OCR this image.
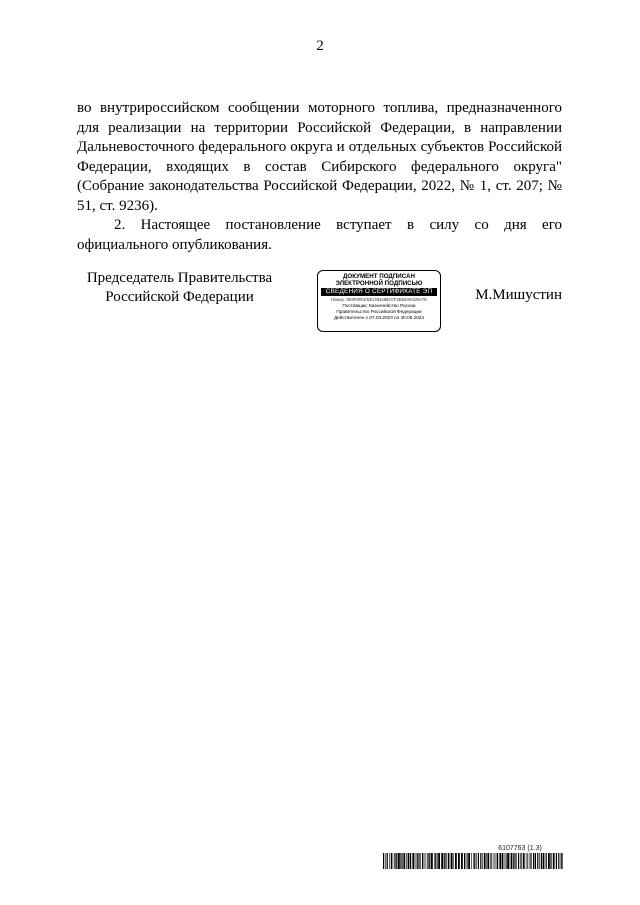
2

во внутрироссийском сообщении моторного топлива, предназначенного для реализации на территории Российской Федерации, в направлении Дальневосточного федерального округа и отдельных субъектов Российской Федерации, входящих в состав Сибирского федерального округа" (Собрание законодательства Российской Федерации, 2022, № 1, ст. 207; № 51, ст. 9236).

2. Настоящее постановление вступает в силу со дня его официального опубликования.

Председатель Правительства
Российской Федерации
ДОКУМЕНТ ПОДПИСАН
ЭЛЕКТРОННОЙ ПОДПИСЬЮ
СВЕДЕНИЯ О СЕРТИФИКАТЕ ЭП
Номер: 3E9F99CE53C484286C0F3EB4AE330A7E
Поставщик: Казначейство России
Правительство Российской Федерации
Действителен с 07.03.2023 по 30.05.2024
М.Мишустин
6107763 (1.3)
